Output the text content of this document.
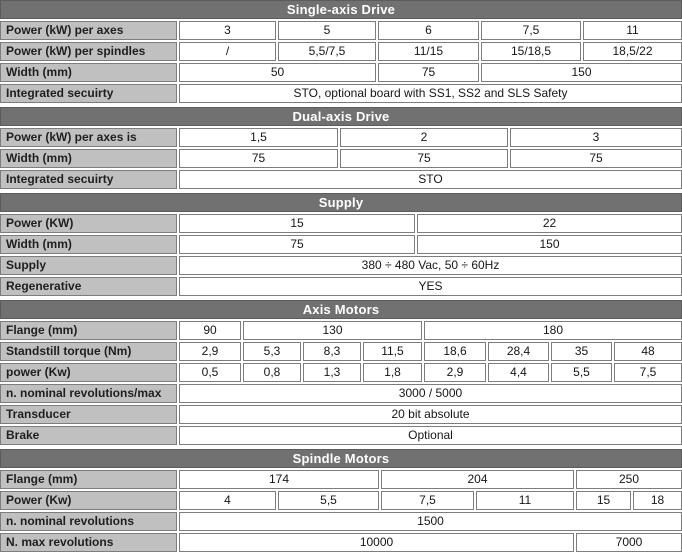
Single-axis Drive
Power (kW) per axes	3	5	6	7,5	11
Power (kW) per spindles	/	5,5/7,5	11/15	15/18,5	18,5/22
Width (mm)	50	75	150
Integrated secuirty	STO, optional board with SS1, SS2 and SLS Safety
Dual-axis Drive
Power (kW) per axes is	1,5	2	3
Width (mm)	75	75	75
Integrated secuirty	STO
Supply
Power (KW)	15	22
Width (mm)	75	150
Supply	380 ÷ 480 Vac, 50 ÷ 60Hz
Regenerative	YES
Axis Motors
Flange (mm)	90	130	180
Standstill torque (Nm)	2,9	5,3	8,3	11,5	18,6	28,4	35	48
power (Kw)	0,5	0,8	1,3	1,8	2,9	4,4	5,5	7,5
n. nominal revolutions/max	3000 / 5000
Transducer	20 bit absolute
Brake	Optional
Spindle Motors
Flange (mm)	174	204	250
Power (Kw)	4	5,5	7,5	11	15	18
n. nominal revolutions	1500
N. max revolutions	10000	7000
